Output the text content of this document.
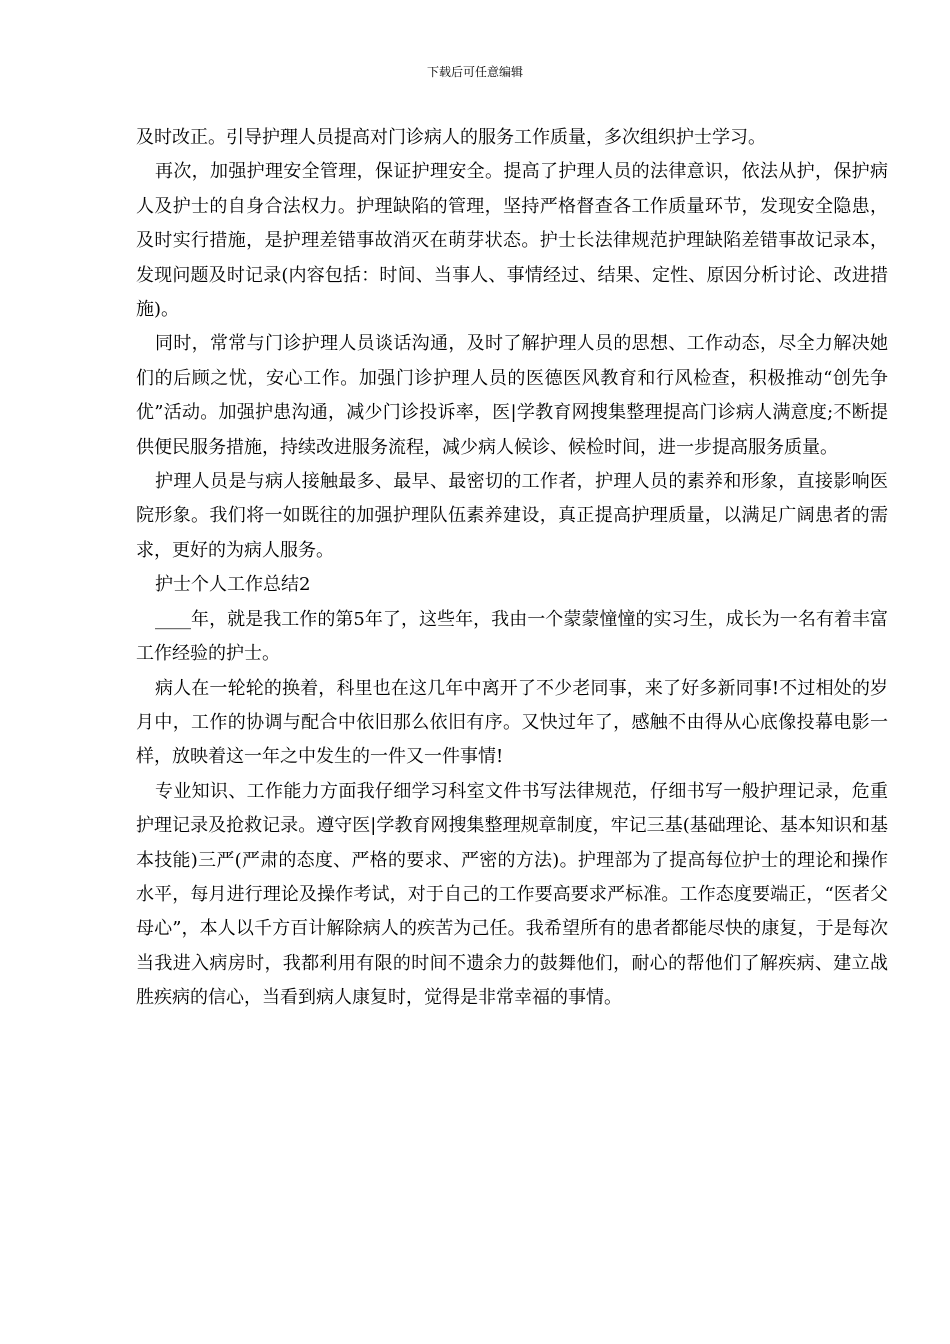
下载后可任意编辑

及时改正。引导护理人员提高对门诊病人的服务工作质量，多次组织护士学习。

再次，加强护理安全管理，保证护理安全。提高了护理人员的法律意识，依法从护，保护病人及护士的自身合法权力。护理缺陷的管理，坚持严格督查各工作质量环节，发现安全隐患，及时实行措施，是护理差错事故消灭在萌芽状态。护士长法律规范护理缺陷差错事故记录本，发现问题及时记录(内容包括：时间、当事人、事情经过、结果、定性、原因分析讨论、改进措施)。

同时，常常与门诊护理人员谈话沟通，及时了解护理人员的思想、工作动态，尽全力解决她们的后顾之忧，安心工作。加强门诊护理人员的医德医风教育和行风检查，积极推动“创先争优”活动。加强护患沟通，减少门诊投诉率，医|学教育网搜集整理提高门诊病人满意度;不断提供便民服务措施，持续改进服务流程，减少病人候诊、候检时间，进一步提高服务质量。

护理人员是与病人接触最多、最早、最密切的工作者，护理人员的素养和形象，直接影响医院形象。我们将一如既往的加强护理队伍素养建设，真正提高护理质量，以满足广阔患者的需求，更好的为病人服务。

护士个人工作总结2

____年，就是我工作的第5年了，这些年，我由一个蒙蒙憧憧的实习生，成长为一名有着丰富工作经验的护士。

病人在一轮轮的换着，科里也在这几年中离开了不少老同事，来了好多新同事!不过相处的岁月中，工作的协调与配合中依旧那么依旧有序。又快过年了，感触不由得从心底像投幕电影一样，放映着这一年之中发生的一件又一件事情!

专业知识、工作能力方面我仔细学习科室文件书写法律规范，仔细书写一般护理记录，危重护理记录及抢救记录。遵守医|学教育网搜集整理规章制度，牢记三基(基础理论、基本知识和基本技能)三严(严肃的态度、严格的要求、严密的方法)。护理部为了提高每位护士的理论和操作水平，每月进行理论及操作考试，对于自己的工作要高要求严标准。工作态度要端正，“医者父母心”，本人以千方百计解除病人的疾苦为己任。我希望所有的患者都能尽快的康复，于是每次当我进入病房时，我都利用有限的时间不遗余力的鼓舞他们，耐心的帮他们了解疾病、建立战胜疾病的信心，当看到病人康复时，觉得是非常幸福的事情。
